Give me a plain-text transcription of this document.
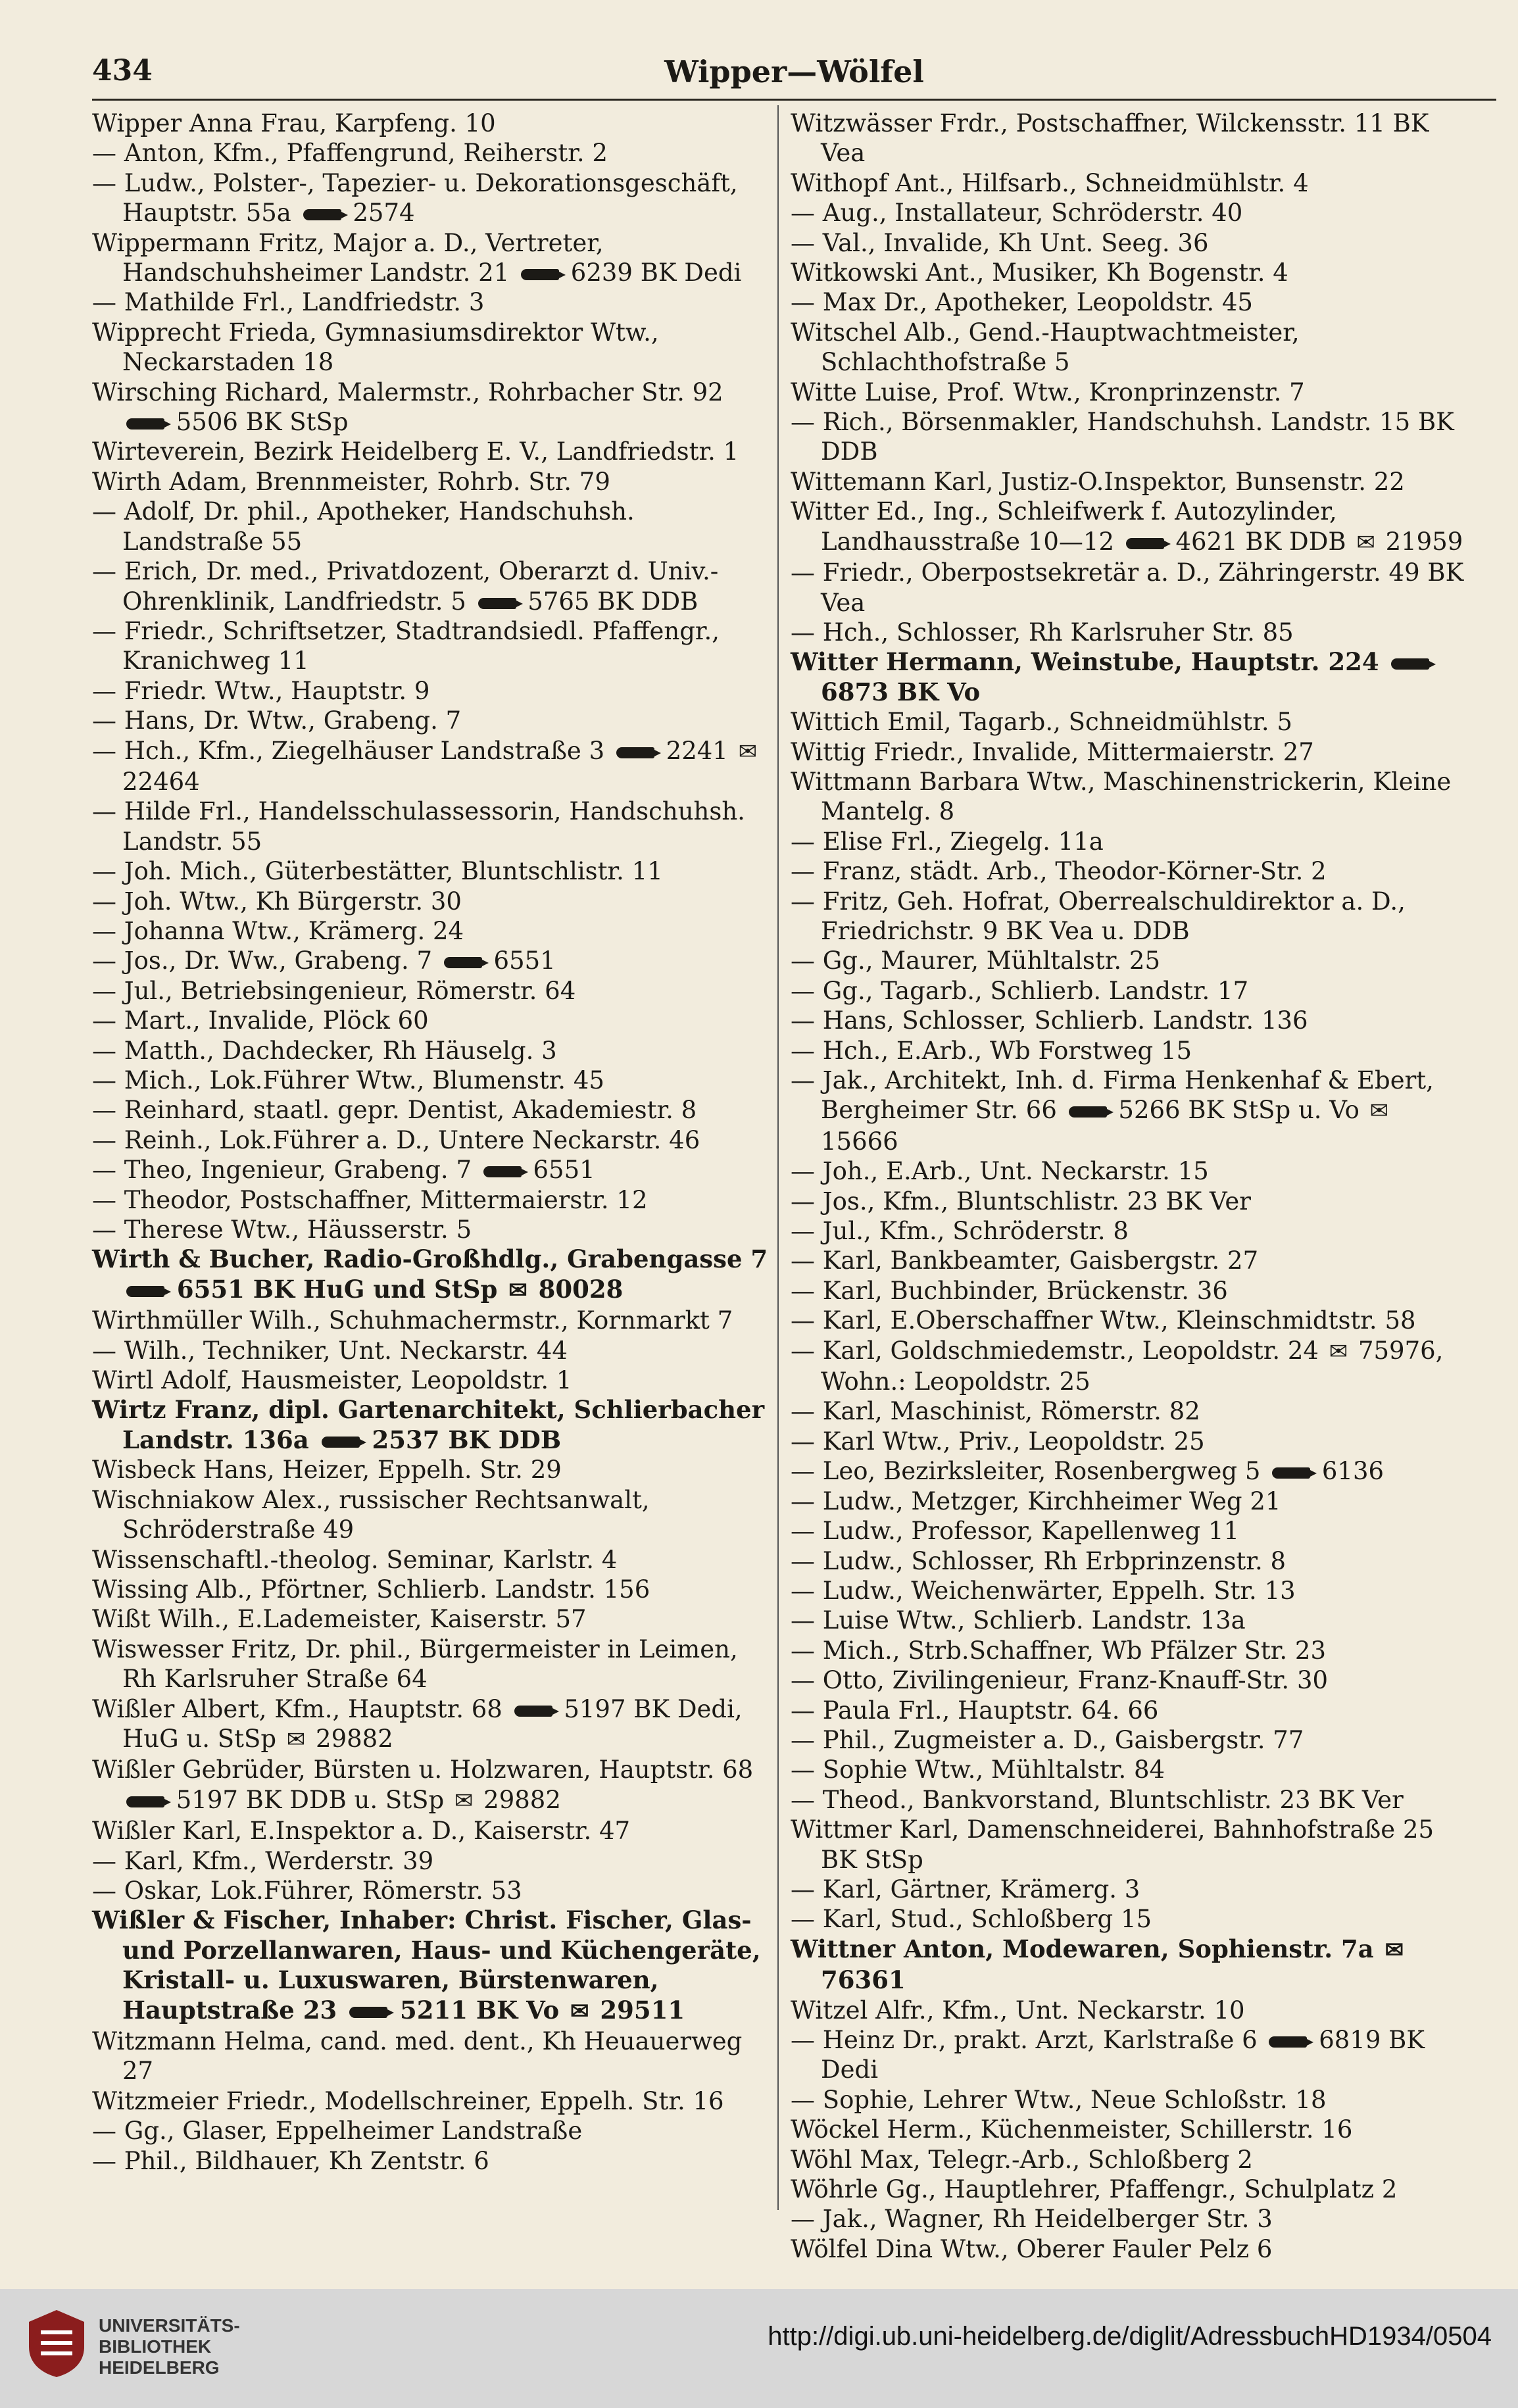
434	Wipper—Wölfel

Wipper Anna Frau, Karpfeng. 10

— Anton, Kfm., Pfaffengrund, Reiherstr. 2

— Ludw., Polster-, Tapezier- u. Dekorationsgeschäft, Hauptstr. 55a  2574

Wippermann Fritz, Major a. D., Vertreter, Handschuhsheimer Landstr. 21  6239 BK Dedi

— Mathilde Frl., Landfriedstr. 3

Wipprecht Frieda, Gymnasiumsdirektor Wtw., Neckarstaden 18

Wirsching Richard, Malermstr., Rohrbacher Str. 92  5506 BK StSp

Wirteverein, Bezirk Heidelberg E. V., Landfriedstr. 1

Wirth Adam, Brennmeister, Rohrb. Str. 79

— Adolf, Dr. phil., Apotheker, Handschuhsh. Landstraße 55

— Erich, Dr. med., Privatdozent, Oberarzt d. Univ.-Ohrenklinik, Landfriedstr. 5  5765 BK DDB

— Friedr., Schriftsetzer, Stadtrandsiedl. Pfaffengr., Kranichweg 11

— Friedr. Wtw., Hauptstr. 9

— Hans, Dr. Wtw., Grabeng. 7

— Hch., Kfm., Ziegelhäuser Landstraße 3  2241 ✉ 22464

— Hilde Frl., Handelsschulassessorin, Handschuhsh. Landstr. 55

— Joh. Mich., Güterbestätter, Bluntschlistr. 11

— Joh. Wtw., Kh Bürgerstr. 30

— Johanna Wtw., Krämerg. 24

— Jos., Dr. Ww., Grabeng. 7  6551

— Jul., Betriebsingenieur, Römerstr. 64

— Mart., Invalide, Plöck 60

— Matth., Dachdecker, Rh Häuselg. 3

— Mich., Lok.Führer Wtw., Blumenstr. 45

— Reinhard, staatl. gepr. Dentist, Akademiestr. 8

— Reinh., Lok.Führer a. D., Untere Neckarstr. 46

— Theo, Ingenieur, Grabeng. 7  6551

— Theodor, Postschaffner, Mittermaierstr. 12

— Therese Wtw., Häusserstr. 5

Wirth & Bucher, Radio-Großhdlg., Grabengasse 7  6551 BK HuG und StSp ✉ 80028

Wirthmüller Wilh., Schuhmachermstr., Kornmarkt 7

— Wilh., Techniker, Unt. Neckarstr. 44

Wirtl Adolf, Hausmeister, Leopoldstr. 1

Wirtz Franz, dipl. Gartenarchitekt, Schlierbacher Landstr. 136a  2537 BK DDB

Wisbeck Hans, Heizer, Eppelh. Str. 29

Wischniakow Alex., russischer Rechtsanwalt, Schröderstraße 49

Wissenschaftl.-theolog. Seminar, Karlstr. 4

Wissing Alb., Pförtner, Schlierb. Landstr. 156

Wißt Wilh., E.Lademeister, Kaiserstr. 57

Wiswesser Fritz, Dr. phil., Bürgermeister in Leimen, Rh Karlsruher Straße 64

Wißler Albert, Kfm., Hauptstr. 68  5197 BK Dedi, HuG u. StSp ✉ 29882

Wißler Gebrüder, Bürsten u. Holzwaren, Hauptstr. 68  5197 BK DDB u. StSp ✉ 29882

Wißler Karl, E.Inspektor a. D., Kaiserstr. 47

— Karl, Kfm., Werderstr. 39

— Oskar, Lok.Führer, Römerstr. 53

Wißler & Fischer, Inhaber: Christ. Fischer, Glas- und Porzellanwaren, Haus- und Küchengeräte, Kristall- u. Luxuswaren, Bürstenwaren, Hauptstraße 23  5211 BK Vo ✉ 29511

Witzmann Helma, cand. med. dent., Kh Heuauerweg 27

Witzmeier Friedr., Modellschreiner, Eppelh. Str. 16

— Gg., Glaser, Eppelheimer Landstraße

— Phil., Bildhauer, Kh Zentstr. 6

Witzwässer Frdr., Postschaffner, Wilckensstr. 11 BK Vea

Withopf Ant., Hilfsarb., Schneidmühlstr. 4

— Aug., Installateur, Schröderstr. 40

— Val., Invalide, Kh Unt. Seeg. 36

Witkowski Ant., Musiker, Kh Bogenstr. 4

— Max Dr., Apotheker, Leopoldstr. 45

Witschel Alb., Gend.-Hauptwachtmeister, Schlachthofstraße 5

Witte Luise, Prof. Wtw., Kronprinzenstr. 7

— Rich., Börsenmakler, Handschuhsh. Landstr. 15 BK DDB

Wittemann Karl, Justiz-O.Inspektor, Bunsenstr. 22

Witter Ed., Ing., Schleifwerk f. Autozylinder, Landhausstraße 10—12  4621 BK DDB ✉ 21959

— Friedr., Oberpostsekretär a. D., Zähringerstr. 49 BK Vea

— Hch., Schlosser, Rh Karlsruher Str. 85

Witter Hermann, Weinstube, Hauptstr. 224  6873 BK Vo

Wittich Emil, Tagarb., Schneidmühlstr. 5

Wittig Friedr., Invalide, Mittermaierstr. 27

Wittmann Barbara Wtw., Maschinenstrickerin, Kleine Mantelg. 8

— Elise Frl., Ziegelg. 11a

— Franz, städt. Arb., Theodor-Körner-Str. 2

— Fritz, Geh. Hofrat, Oberrealschuldirektor a. D., Friedrichstr. 9 BK Vea u. DDB

— Gg., Maurer, Mühltalstr. 25

— Gg., Tagarb., Schlierb. Landstr. 17

— Hans, Schlosser, Schlierb. Landstr. 136

— Hch., E.Arb., Wb Forstweg 15

— Jak., Architekt, Inh. d. Firma Henkenhaf & Ebert, Bergheimer Str. 66  5266 BK StSp u. Vo ✉ 15666

— Joh., E.Arb., Unt. Neckarstr. 15

— Jos., Kfm., Bluntschlistr. 23 BK Ver

— Jul., Kfm., Schröderstr. 8

— Karl, Bankbeamter, Gaisbergstr. 27

— Karl, Buchbinder, Brückenstr. 36

— Karl, E.Oberschaffner Wtw., Kleinschmidtstr. 58

— Karl, Goldschmiedemstr., Leopoldstr. 24 ✉ 75976, Wohn.: Leopoldstr. 25

— Karl, Maschinist, Römerstr. 82

— Karl Wtw., Priv., Leopoldstr. 25

— Leo, Bezirksleiter, Rosenbergweg 5  6136

— Ludw., Metzger, Kirchheimer Weg 21

— Ludw., Professor, Kapellenweg 11

— Ludw., Schlosser, Rh Erbprinzenstr. 8

— Ludw., Weichenwärter, Eppelh. Str. 13

— Luise Wtw., Schlierb. Landstr. 13a

— Mich., Strb.Schaffner, Wb Pfälzer Str. 23

— Otto, Zivilingenieur, Franz-Knauff-Str. 30

— Paula Frl., Hauptstr. 64. 66

— Phil., Zugmeister a. D., Gaisbergstr. 77

— Sophie Wtw., Mühltalstr. 84

— Theod., Bankvorstand, Bluntschlistr. 23 BK Ver

Wittmer Karl, Damenschneiderei, Bahnhofstraße 25 BK StSp

— Karl, Gärtner, Krämerg. 3

— Karl, Stud., Schloßberg 15

Wittner Anton, Modewaren, Sophienstr. 7a ✉ 76361

Witzel Alfr., Kfm., Unt. Neckarstr. 10

— Heinz Dr., prakt. Arzt, Karlstraße 6  6819 BK Dedi

— Sophie, Lehrer Wtw., Neue Schloßstr. 18

Wöckel Herm., Küchenmeister, Schillerstr. 16

Wöhl Max, Telegr.-Arb., Schloßberg 2

Wöhrle Gg., Hauptlehrer, Pfaffengr., Schulplatz 2

— Jak., Wagner, Rh Heidelberger Str. 3

Wölfel Dina Wtw., Oberer Fauler Pelz 6

UNIVERSITÄTS-
BIBLIOTHEK
HEIDELBERG
http://digi.ub.uni-heidelberg.de/diglit/AdressbuchHD1934/0504
